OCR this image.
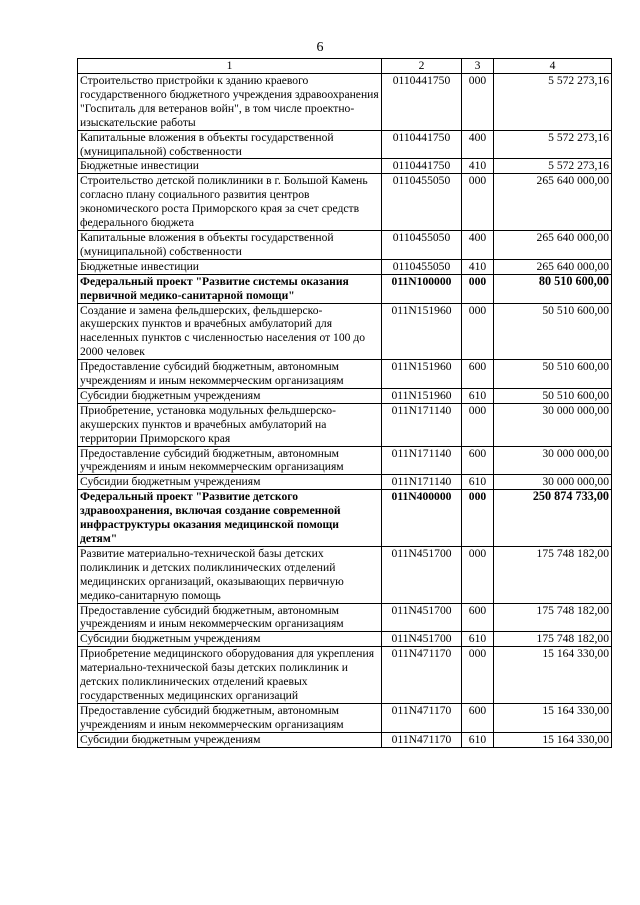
6
1	2	3	4
Строительство пристройки к зданию краевого государственного бюджетного учреждения здравоохранения "Госпиталь для ветеранов войн", в том числе проектно-изыскательские работы	0110441750	000	5 572 273,16
Капитальные вложения в объекты государственной (муниципальной) собственности	0110441750	400	5 572 273,16
Бюджетные инвестиции	0110441750	410	5 572 273,16
Строительство детской поликлиники в г. Большой Камень согласно плану социального развития центров экономического роста Приморского края за счет средств федерального бюджета	0110455050	000	265 640 000,00
Капитальные вложения в объекты государственной (муниципальной) собственности	0110455050	400	265 640 000,00
Бюджетные инвестиции	0110455050	410	265 640 000,00
Федеральный проект "Развитие системы оказания первичной медико-санитарной помощи"	011N100000	000	80 510 600,00
Создание и замена фельдшерских, фельдшерско-акушерских пунктов и врачебных амбулаторий для населенных пунктов с численностью населения от 100 до 2000 человек	011N151960	000	50 510 600,00
Предоставление субсидий бюджетным, автономным учреждениям и иным некоммерческим организациям	011N151960	600	50 510 600,00
Субсидии бюджетным учреждениям	011N151960	610	50 510 600,00
Приобретение, установка модульных фельдшерско-акушерских пунктов и врачебных амбулаторий на территории Приморского края	011N171140	000	30 000 000,00
Предоставление субсидий бюджетным, автономным учреждениям и иным некоммерческим организациям	011N171140	600	30 000 000,00
Субсидии бюджетным учреждениям	011N171140	610	30 000 000,00
Федеральный проект "Развитие детского здравоохранения, включая создание современной инфраструктуры оказания медицинской помощи детям"	011N400000	000	250 874 733,00
Развитие материально-технической базы детских поликлиник и детских поликлинических отделений медицинских организаций, оказывающих первичную медико-санитарную помощь	011N451700	000	175 748 182,00
Предоставление субсидий бюджетным, автономным учреждениям и иным некоммерческим организациям	011N451700	600	175 748 182,00
Субсидии бюджетным учреждениям	011N451700	610	175 748 182,00
Приобретение медицинского оборудования для укрепления материально-технической базы детских поликлиник и детских поликлинических отделений краевых государственных медицинских организаций	011N471170	000	15 164 330,00
Предоставление субсидий бюджетным, автономным учреждениям и иным некоммерческим организациям	011N471170	600	15 164 330,00
Субсидии бюджетным учреждениям	011N471170	610	15 164 330,00
